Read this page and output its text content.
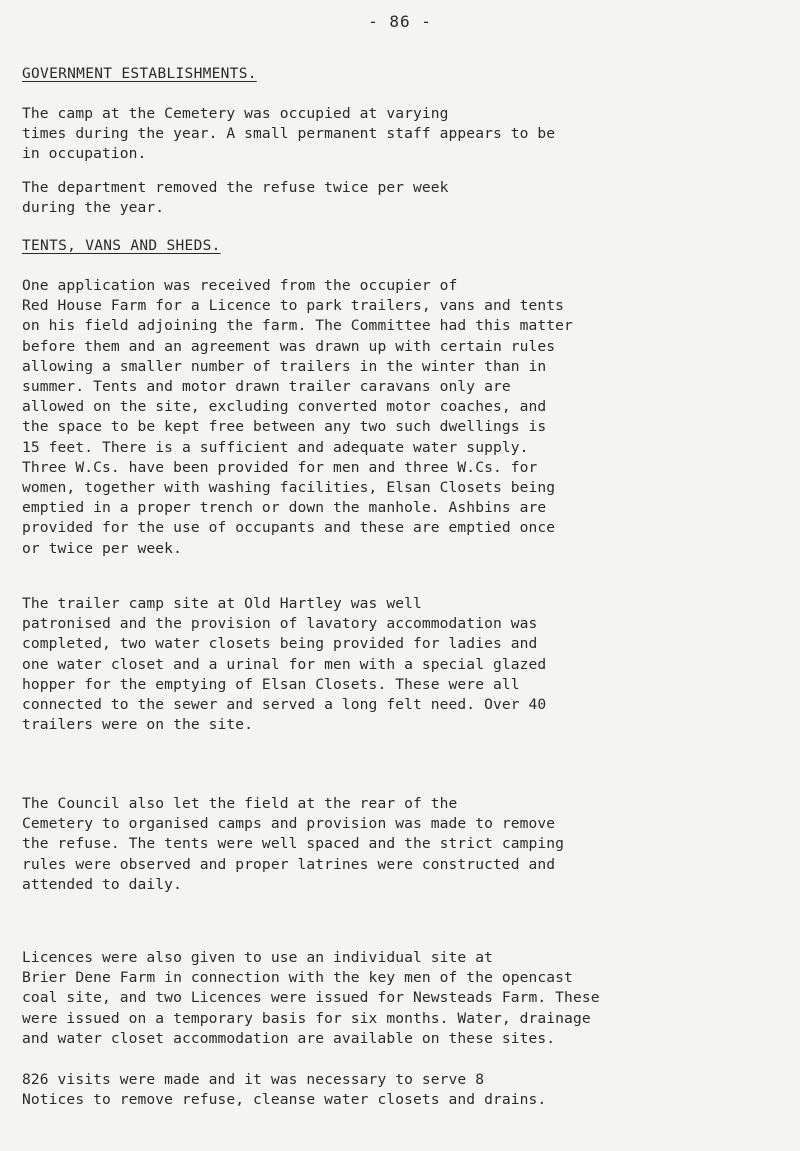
- 86 -
GOVERNMENT ESTABLISHMENTS.

The camp at the Cemetery was occupied at varying
times during the year. A small permanent staff appears to be
in occupation.

The department removed the refuse twice per week
during the year.

TENTS, VANS AND SHEDS.

One application was received from the occupier of
Red House Farm for a Licence to park trailers, vans and tents
on his field adjoining the farm. The Committee had this matter
before them and an agreement was drawn up with certain rules
allowing a smaller number of trailers in the winter than in
summer. Tents and motor drawn trailer caravans only are
allowed on the site, excluding converted motor coaches, and
the space to be kept free between any two such dwellings is
15 feet. There is a sufficient and adequate water supply.
Three W.Cs. have been provided for men and three W.Cs. for
women, together with washing facilities, Elsan Closets being
emptied in a proper trench or down the manhole. Ashbins are
provided for the use of occupants and these are emptied once
or twice per week.

The trailer camp site at Old Hartley was well
patronised and the provision of lavatory accommodation was
completed, two water closets being provided for ladies and
one water closet and a urinal for men with a special glazed
hopper for the emptying of Elsan Closets. These were all
connected to the sewer and served a long felt need. Over 40
trailers were on the site.

The Council also let the field at the rear of the
Cemetery to organised camps and provision was made to remove
the refuse. The tents were well spaced and the strict camping
rules were observed and proper latrines were constructed and
attended to daily.

Licences were also given to use an individual site at
Brier Dene Farm in connection with the key men of the opencast
coal site, and two Licences were issued for Newsteads Farm. These
were issued on a temporary basis for six months. Water, drainage
and water closet accommodation are available on these sites.

826 visits were made and it was necessary to serve 8
Notices to remove refuse, cleanse water closets and drains.
